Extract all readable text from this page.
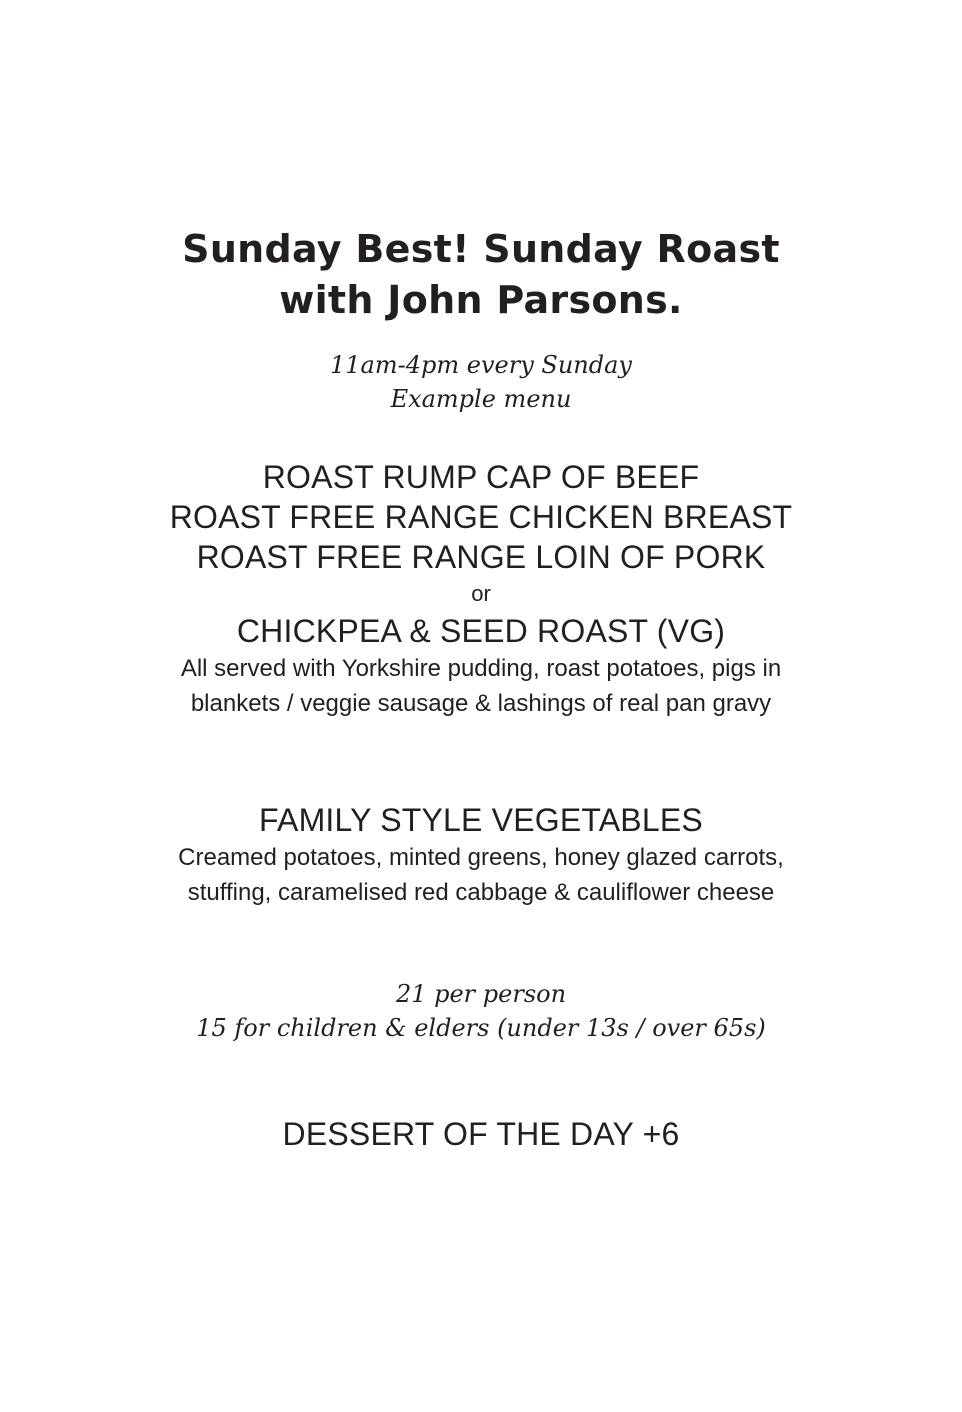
Sunday Best! Sunday Roast
with John Parsons.
11am-4pm every Sunday
Example menu
ROAST RUMP CAP OF BEEF
ROAST FREE RANGE CHICKEN BREAST
ROAST FREE RANGE LOIN OF PORK
or
CHICKPEA & SEED ROAST (VG)
All served with Yorkshire pudding, roast potatoes, pigs in
blankets / veggie sausage & lashings of real pan gravy
FAMILY STYLE VEGETABLES
Creamed potatoes, minted greens, honey glazed carrots,
stuffing, caramelised red cabbage & cauliflower cheese
21 per person
15 for children & elders (under 13s / over 65s)
DESSERT OF THE DAY +6
